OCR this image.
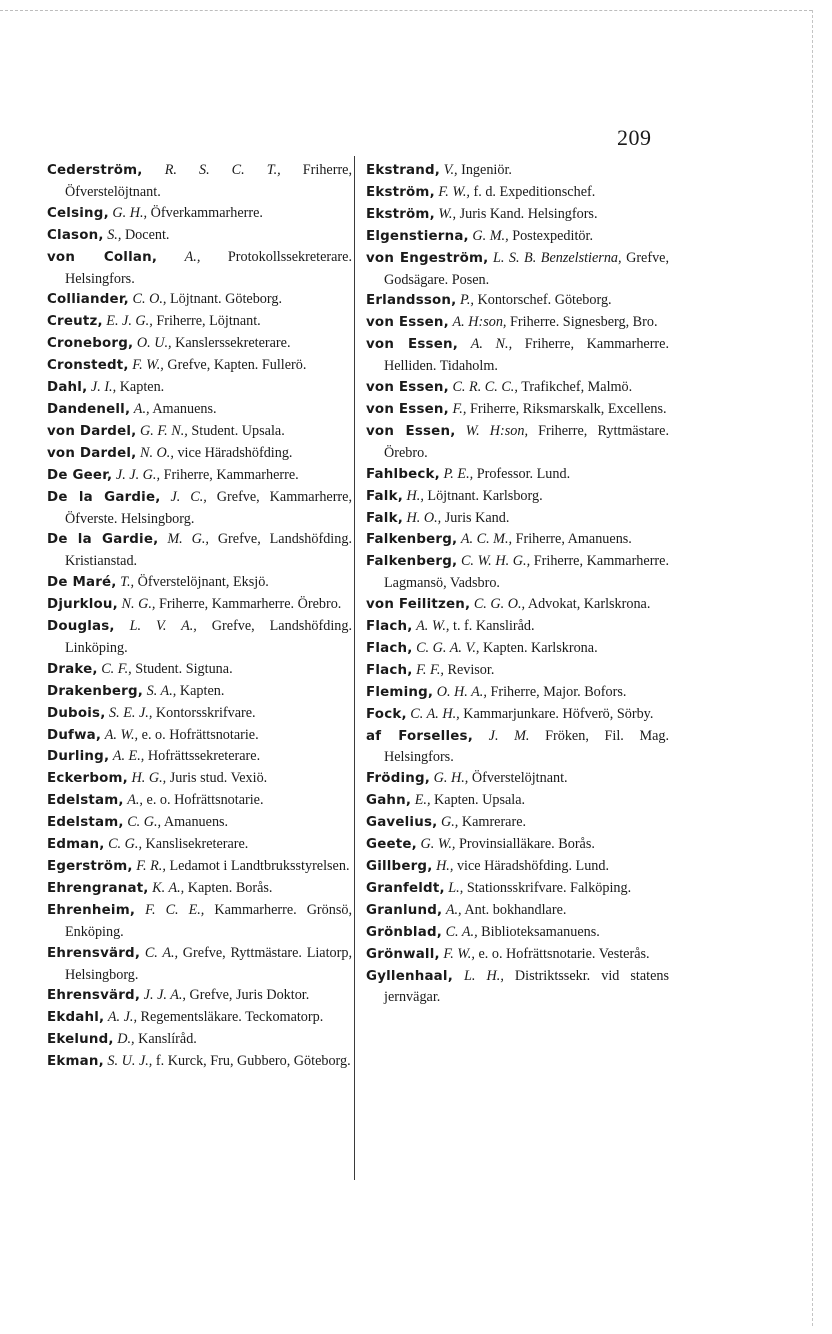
209

Cederström, R. S. C. T., Friherre, Öfverstelöjtnant.

Celsing, G. H., Öfverkammarherre.

Clason, S., Docent.

von Collan, A., Protokollssekreterare. Helsingfors.

Colliander, C. O., Löjtnant. Göteborg.

Creutz, E. J. G., Friherre, Löjtnant.

Croneborg, O. U., Kanslerssekreterare.

Cronstedt, F. W., Grefve, Kapten. Fullerö.

Dahl, J. I., Kapten.

Dandenell, A., Amanuens.

von Dardel, G. F. N., Student. Upsala.

von Dardel, N. O., vice Häradshöfding.

De Geer, J. J. G., Friherre, Kammarherre.

De la Gardie, J. C., Grefve, Kammarherre, Öfverste. Helsingborg.

De la Gardie, M. G., Grefve, Landshöfding. Kristianstad.

De Maré, T., Öfverstelöjnant, Eksjö.

Djurklou, N. G., Friherre, Kammarherre. Örebro.

Douglas, L. V. A., Grefve, Landshöfding. Linköping.

Drake, C. F., Student. Sigtuna.

Drakenberg, S. A., Kapten.

Dubois, S. E. J., Kontorsskrifvare.

Dufwa, A. W., e. o. Hofrättsnotarie.

Durling, A. E., Hofrättssekreterare.

Eckerbom, H. G., Juris stud. Vexiö.

Edelstam, A., e. o. Hofrättsnotarie.

Edelstam, C. G., Amanuens.

Edman, C. G., Kanslisekreterare.

Egerström, F. R., Ledamot i Landtbruksstyrelsen.

Ehrengranat, K. A., Kapten. Borås.

Ehrenheim, F. C. E., Kammarherre. Grönsö, Enköping.

Ehrensvärd, C. A., Grefve, Ryttmästare. Liatorp, Helsingborg.

Ehrensvärd, J. J. A., Grefve, Juris Doktor.

Ekdahl, A. J., Regementsläkare. Teckomatorp.

Ekelund, D., Kanslíråd.

Ekman, S. U. J., f. Kurck, Fru, Gubbero, Göteborg.

Ekstrand, V., Ingeniör.

Ekström, F. W., f. d. Expeditionschef.

Ekström, W., Juris Kand. Helsingfors.

Elgenstierna, G. M., Postexpeditör.

von Engeström, L. S. B. Benzelstierna, Grefve, Godsägare. Posen.

Erlandsson, P., Kontorschef. Göteborg.

von Essen, A. H:son, Friherre. Signesberg, Bro.

von Essen, A. N., Friherre, Kammarherre. Helliden. Tidaholm.

von Essen, C. R. C. C., Trafikchef, Malmö.

von Essen, F., Friherre, Riksmarskalk, Excellens.

von Essen, W. H:son, Friherre, Ryttmästare. Örebro.

Fahlbeck, P. E., Professor. Lund.

Falk, H., Löjtnant. Karlsborg.

Falk, H. O., Juris Kand.

Falkenberg, A. C. M., Friherre, Amanuens.

Falkenberg, C. W. H. G., Friherre, Kammarherre. Lagmansö, Vadsbro.

von Feilitzen, C. G. O., Advokat, Karlskrona.

Flach, A. W., t. f. Kansliråd.

Flach, C. G. A. V., Kapten. Karlskrona.

Flach, F. F., Revisor.

Fleming, O. H. A., Friherre, Major. Bofors.

Fock, C. A. H., Kammarjunkare. Höfverö, Sörby.

af Forselles, J. M. Fröken, Fil. Mag. Helsingfors.

Fröding, G. H., Öfverstelöjtnant.

Gahn, E., Kapten. Upsala.

Gavelius, G., Kamrerare.

Geete, G. W., Provinsialläkare. Borås.

Gillberg, H., vice Häradshöfding. Lund.

Granfeldt, L., Stationsskrifvare. Falköping.

Granlund, A., Ant. bokhandlare.

Grönblad, C. A., Biblioteksamanuens.

Grönwall, F. W., e. o. Hofrättsnotarie. Vesterås.

Gyllenhaal, L. H., Distriktssekr. vid statens jernvägar.
